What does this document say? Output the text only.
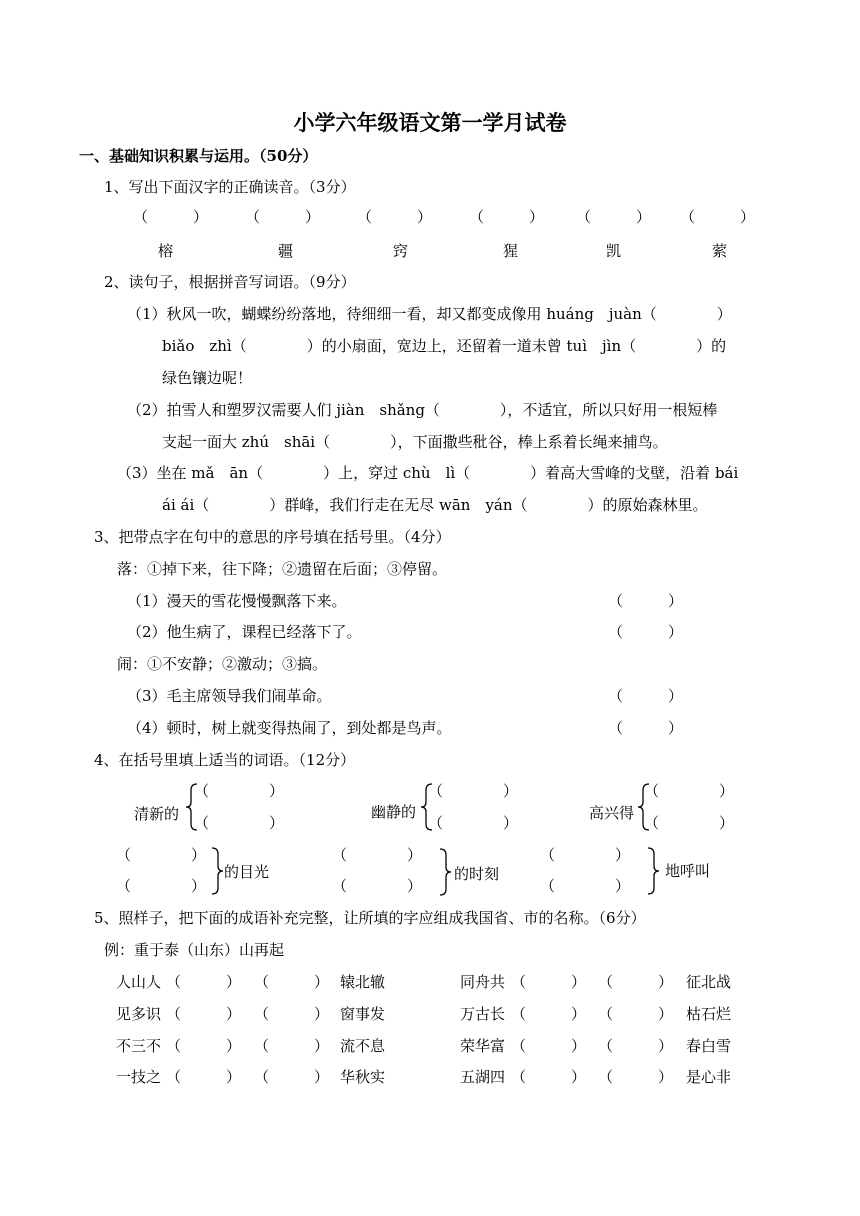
小学六年级语文第一学月试卷
一、基础知识积累与运用。（50分）
1、写出下面汉字的正确读音。（3分）
（　　　） （　　　） （　　　） （　　　） （　　　） （　　　）
榕	疆	窍	猩	凯	萦
2、读句子，根据拼音写词语。（9分）
（1）秋风一吹，蝴蝶纷纷落地，待细细一看，却又都变成像用 huáng　juàn（　　　　）
biǎo　zhì（　　　　）的小扇面，宽边上，还留着一道未曾 tuì　jìn（　　　　）的
绿色镶边呢！
（2）拍雪人和塑罗汉需要人们 jiàn　shǎng（　　　　），不适宜，所以只好用一根短棒
支起一面大 zhú　shāi（　　　　），下面撒些秕谷，棒上系着长绳来捕鸟。
（3）坐在 mǎ　ān（　　　　）上，穿过 chù　lì（　　　　）着高大雪峰的戈壁，沿着 bái
ái ái（　　　　）群峰，我们行走在无尽 wān　yán（　　　　）的原始森林里。
3、把带点字在句中的意思的序号填在括号里。（4分）
落：①掉下来，往下降；②遗留在后面；③停留。
（1）漫天的雪花慢慢飘落下来。	（　　　）
（2）他生病了，课程已经落下了。	（　　　）
闹：①不安静；②激动；③搞。
（3）毛主席领导我们闹革命。	（　　　）
（4）顿时，树上就变得热闹了，到处都是鸟声。	（　　　）
4、在括号里填上适当的词语。（12分）
清新的
（　　　　）
（　　　　）
幽静的
（　　　　）
（　　　　）
高兴得
（　　　　）
（　　　　）
（　　　　）
（　　　　）
的目光
（　　　　）
（　　　　）
的时刻
（　　　　）
（　　　　）
地呼叫
5、照样子，把下面的成语补充完整，让所填的字应组成我国省、市的名称。（6分）
例：重于泰（山东）山再起
人山人 （　　　） （　　　） 辕北辙
见多识 （　　　） （　　　） 窗事发
不三不 （　　　） （　　　） 流不息
一技之 （　　　） （　　　） 华秋实
同舟共 （　　　） （　　　） 征北战
万古长 （　　　） （　　　） 枯石烂
荣华富 （　　　） （　　　） 春白雪
五湖四 （　　　） （　　　） 是心非
